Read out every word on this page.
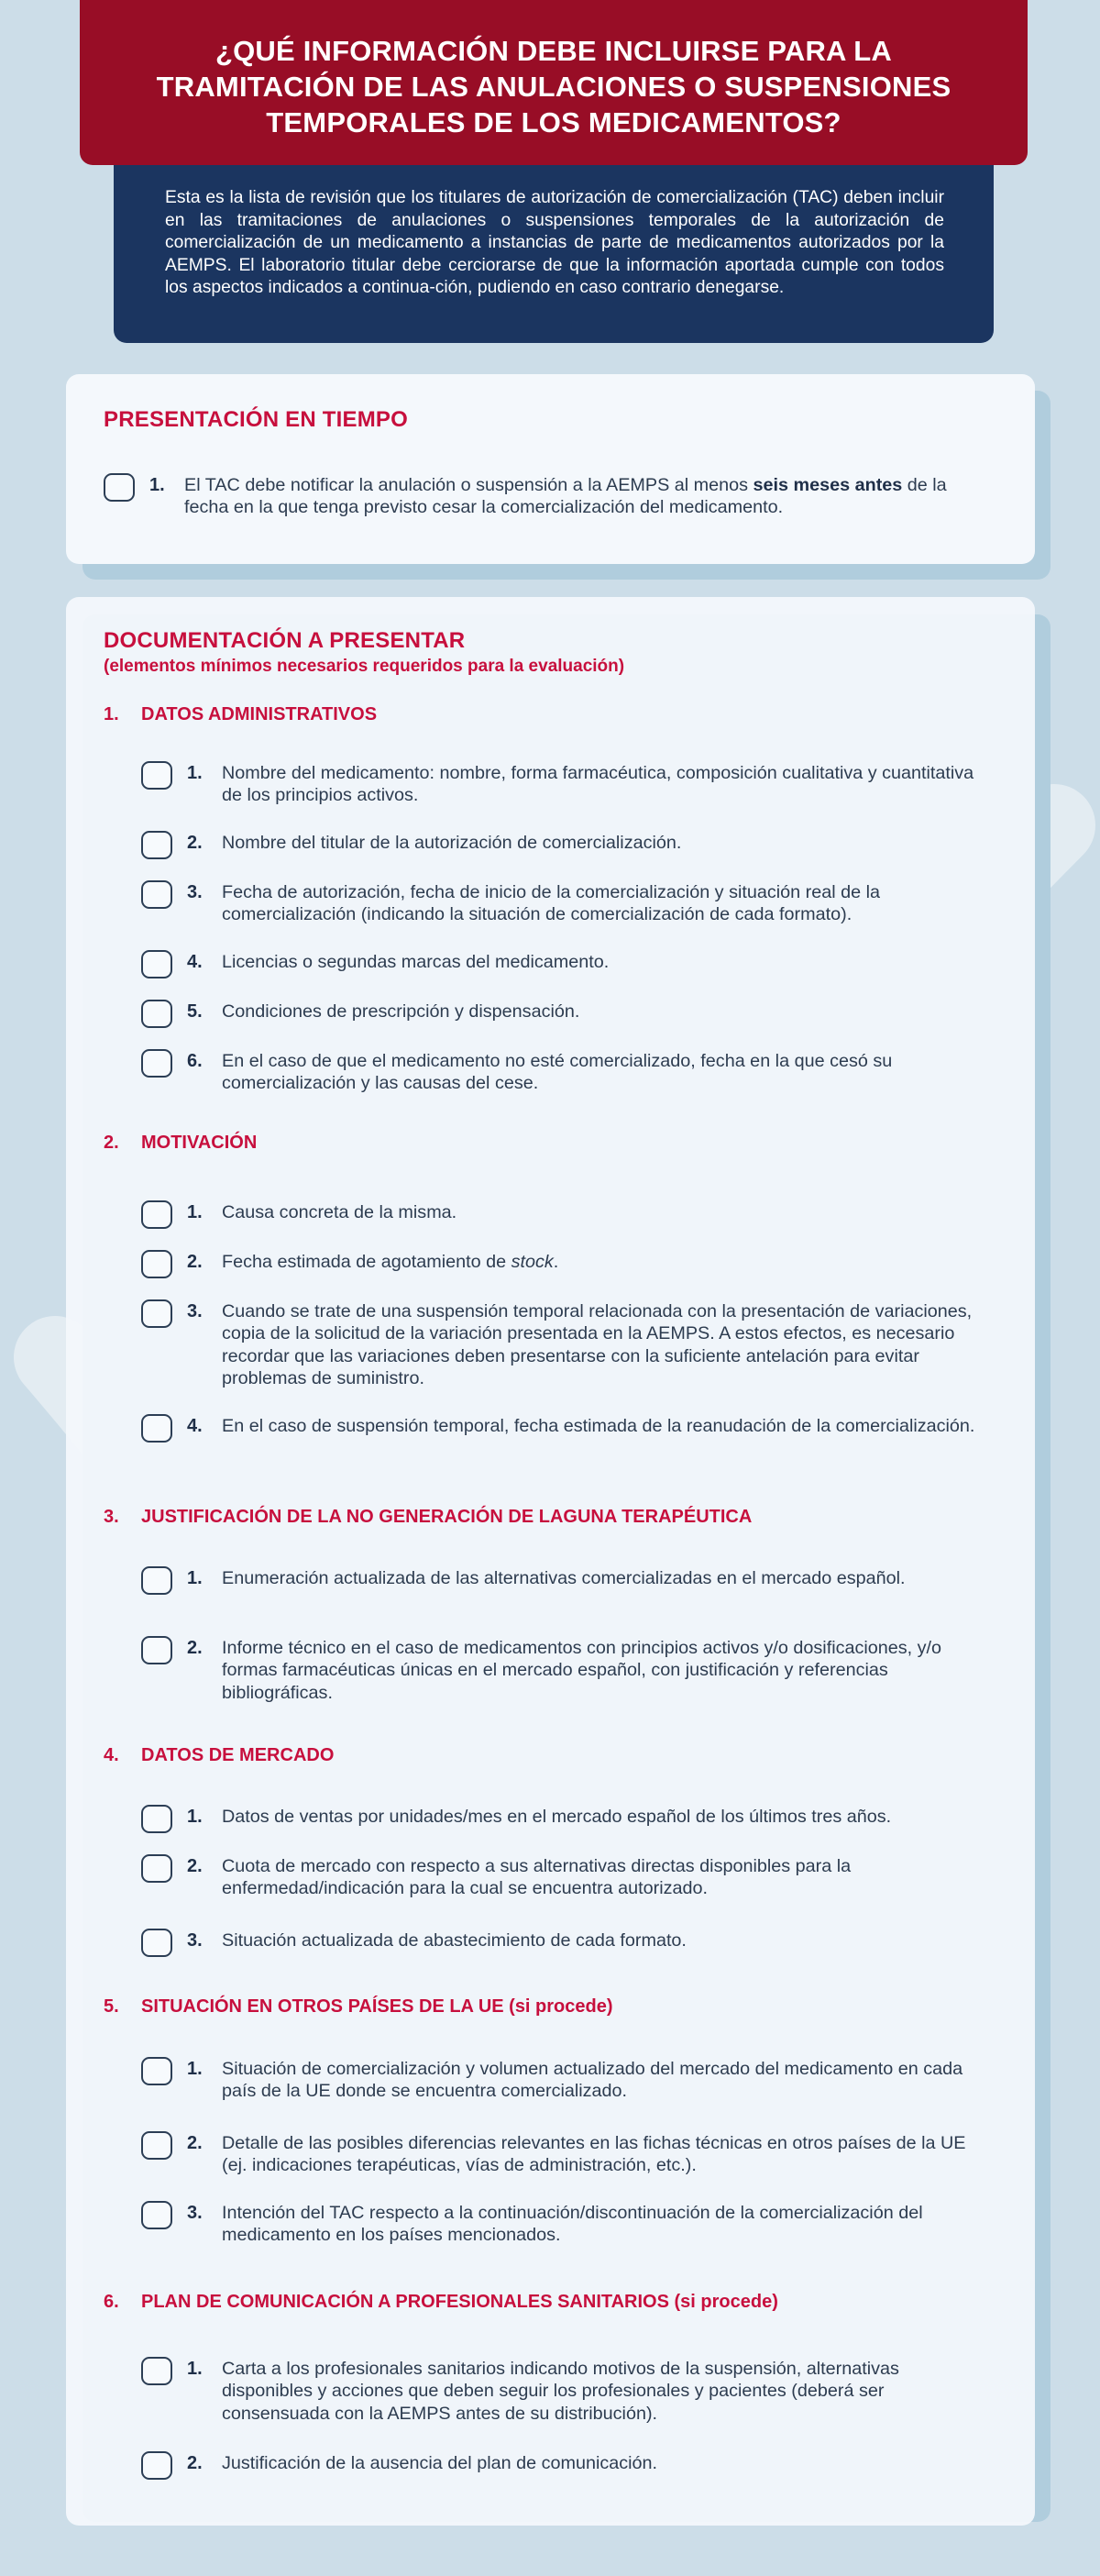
¿QUÉ INFORMACIÓN DEBE INCLUIRSE PARA LA TRAMITACIÓN DE LAS ANULACIONES O SUSPENSIONES TEMPORALES DE LOS MEDICAMENTOS?

Esta es la lista de revisión que los titulares de autorización de comercialización (TAC) deben incluir en las tramitaciones de anulaciones o suspensiones temporales de la autorización de comercialización de un medicamento a instancias de parte de medicamentos autorizados por la AEMPS. El laboratorio titular debe cerciorarse de que la información aportada cumple con todos los aspectos indicados a continua-ción, pudiendo en caso contrario denegarse.

PRESENTACIÓN EN TIEMPO
1.	El TAC debe notificar la anulación o suspensión a la AEMPS al menos seis meses antes de la fecha en la que tenga previsto cesar la comercialización del medicamento.
DOCUMENTACIÓN A PRESENTAR
(elementos mínimos necesarios requeridos para la evaluación)
1.	DATOS ADMINISTRATIVOS
1.	Nombre del medicamento: nombre, forma farmacéutica, composición cualitativa y cuantitativa de los principios activos.
2.	Nombre del titular de la autorización de comercialización.
3.	Fecha de autorización, fecha de inicio de la comercialización y situación real de la comercialización (indicando la situación de comercialización de cada formato).
4.	Licencias o segundas marcas del medicamento.
5.	Condiciones de prescripción y dispensación.
6.	En el caso de que el medicamento no esté comercializado, fecha en la que cesó su comercialización y las causas del cese.
2.	MOTIVACIÓN
1.	Causa concreta de la misma.
2.	Fecha estimada de agotamiento de stock.
3.	Cuando se trate de una suspensión temporal relacionada con la presentación de variaciones, copia de la solicitud de la variación presentada en la AEMPS. A estos efectos, es necesario recordar que las variaciones deben presentarse con la suficiente antelación para evitar problemas de suministro.
4.	En el caso de suspensión temporal, fecha estimada de la reanudación de la comercialización.
3.	JUSTIFICACIÓN DE LA NO GENERACIÓN DE LAGUNA TERAPÉUTICA
1.	Enumeración actualizada de las alternativas comercializadas en el mercado español.
2.	Informe técnico en el caso de medicamentos con principios activos y/o dosificaciones, y/o formas farmacéuticas únicas en el mercado español, con justificación y referencias bibliográficas.
4.	DATOS DE MERCADO
1.	Datos de ventas por unidades/mes en el mercado español de los últimos tres años.
2.	Cuota de mercado con respecto a sus alternativas directas disponibles para la enfermedad/indicación para la cual se encuentra autorizado.
3.	Situación actualizada de abastecimiento de cada formato.
5.	SITUACIÓN EN OTROS PAÍSES DE LA UE (si procede)
1.	Situación de comercialización y volumen actualizado del mercado del medicamento en cada país de la UE donde se encuentra comercializado.
2.	Detalle de las posibles diferencias relevantes en las fichas técnicas en otros países de la UE (ej. indicaciones terapéuticas, vías de administración, etc.).
3.	Intención del TAC respecto a la continuación/discontinuación de la comercialización del medicamento en los países mencionados.
6.	PLAN DE COMUNICACIÓN A PROFESIONALES SANITARIOS (si procede)
1.	Carta a los profesionales sanitarios indicando motivos de la suspensión, alternativas disponibles y acciones que deben seguir los profesionales y pacientes (deberá ser consensuada con la AEMPS antes de su distribución).
2.	Justificación de la ausencia del plan de comunicación.
